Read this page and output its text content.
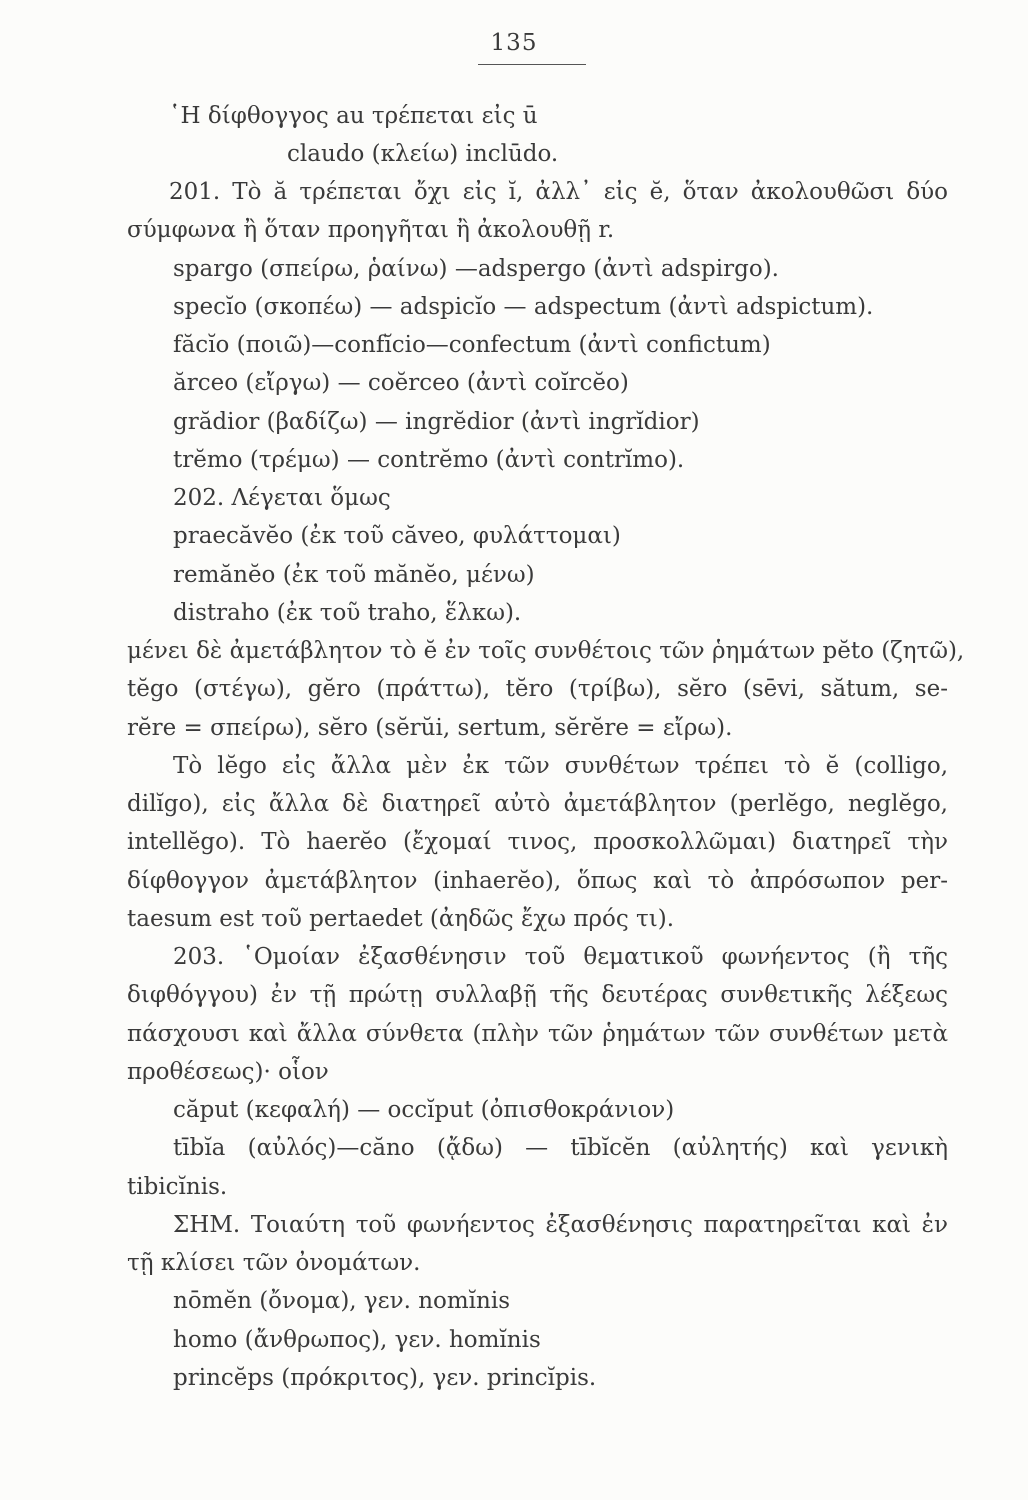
135
῾Η δίφθογγος au τρέπεται εἰς ū
claudo (κλείω) inclūdo.
201. Τὸ ă τρέπεται ὄχι εἰς ĭ, ἀλλ᾽ εἰς ĕ, ὅταν ἀκολουθῶσι δύο
σύμφωνα ἢ ὅταν προηγῆται ἢ ἀκολουθῇ r.
spargo (σπείρω, ῥαίνω) —adspergo (ἀντὶ adspirgo).
specĭo (σκοπέω) — adspicĭo — adspectum (ἀντὶ adspictum).
făcĭo (ποιῶ)—confĭcio—confectum (ἀντὶ confictum)
ărceo (εἴργω) — coĕrceo (ἀντὶ coĭrcĕo)
grădior (βαδίζω) — ingrĕdior (ἀντὶ ingrĭdior)
trĕmo (τρέμω) — contrĕmo (ἀντὶ contrĭmo).
202. Λέγεται ὅμως
praecăvĕo (ἐκ τοῦ căveo, φυλάττομαι)
remănĕo (ἐκ τοῦ mănĕo, μένω)
distraho (ἐκ τοῦ traho, ἕλκω).
μένει δὲ ἀμετάβλητον τὸ ĕ ἐν τοῖς συνθέτοις τῶν ῥημάτων pĕto (ζητῶ),
tĕgo (στέγω), gĕro (πράττω), tĕro (τρίβω), sĕro (sēvi, sătum, se-
rĕre = σπείρω), sĕro (sĕrŭi, sertum, sĕrĕre = εἴρω).
Τὸ lĕgo εἰς ἄλλα μὲν ἐκ τῶν συνθέτων τρέπει τὸ ĕ (colligo,
dilĭgo), εἰς ἄλλα δὲ διατηρεῖ αὐτὸ ἀμετάβλητον (perlĕgo, neglĕgo,
intellĕgo). Τὸ haerĕo (ἔχομαί τινος, προσκολλῶμαι) διατηρεῖ τὴν
δίφθογγον ἀμετάβλητον (inhaerĕo), ὅπως καὶ τὸ ἀπρόσωπον per-
taesum est τοῦ pertaedet (ἀηδῶς ἔχω πρός τι).
203. ῾Ομοίαν ἐξασθένησιν τοῦ θεματικοῦ φωνήεντος (ἢ τῆς
διφθόγγου) ἐν τῇ πρώτῃ συλλαβῇ τῆς δευτέρας συνθετικῆς λέξεως
πάσχουσι καὶ ἄλλα σύνθετα (πλὴν τῶν ῥημάτων τῶν συνθέτων μετὰ
προθέσεως)· οἷον
căput (κεφαλή) — occĭput (ὀπισθοκράνιον)
tībĭa (αὐλός)—căno (ᾄδω) — tībĭcĕn (αὐλητής) καὶ γενικὴ
tibicĭnis.
ΣΗΜ. Τοιαύτη τοῦ φωνήεντος ἐξασθένησις παρατηρεῖται καὶ ἐν
τῇ κλίσει τῶν ὀνομάτων.
nōmĕn (ὄνομα), γεν. nomĭnis
homo (ἄνθρωπος), γεν. homĭnis
princĕps (πρόκριτος), γεν. princĭpis.
